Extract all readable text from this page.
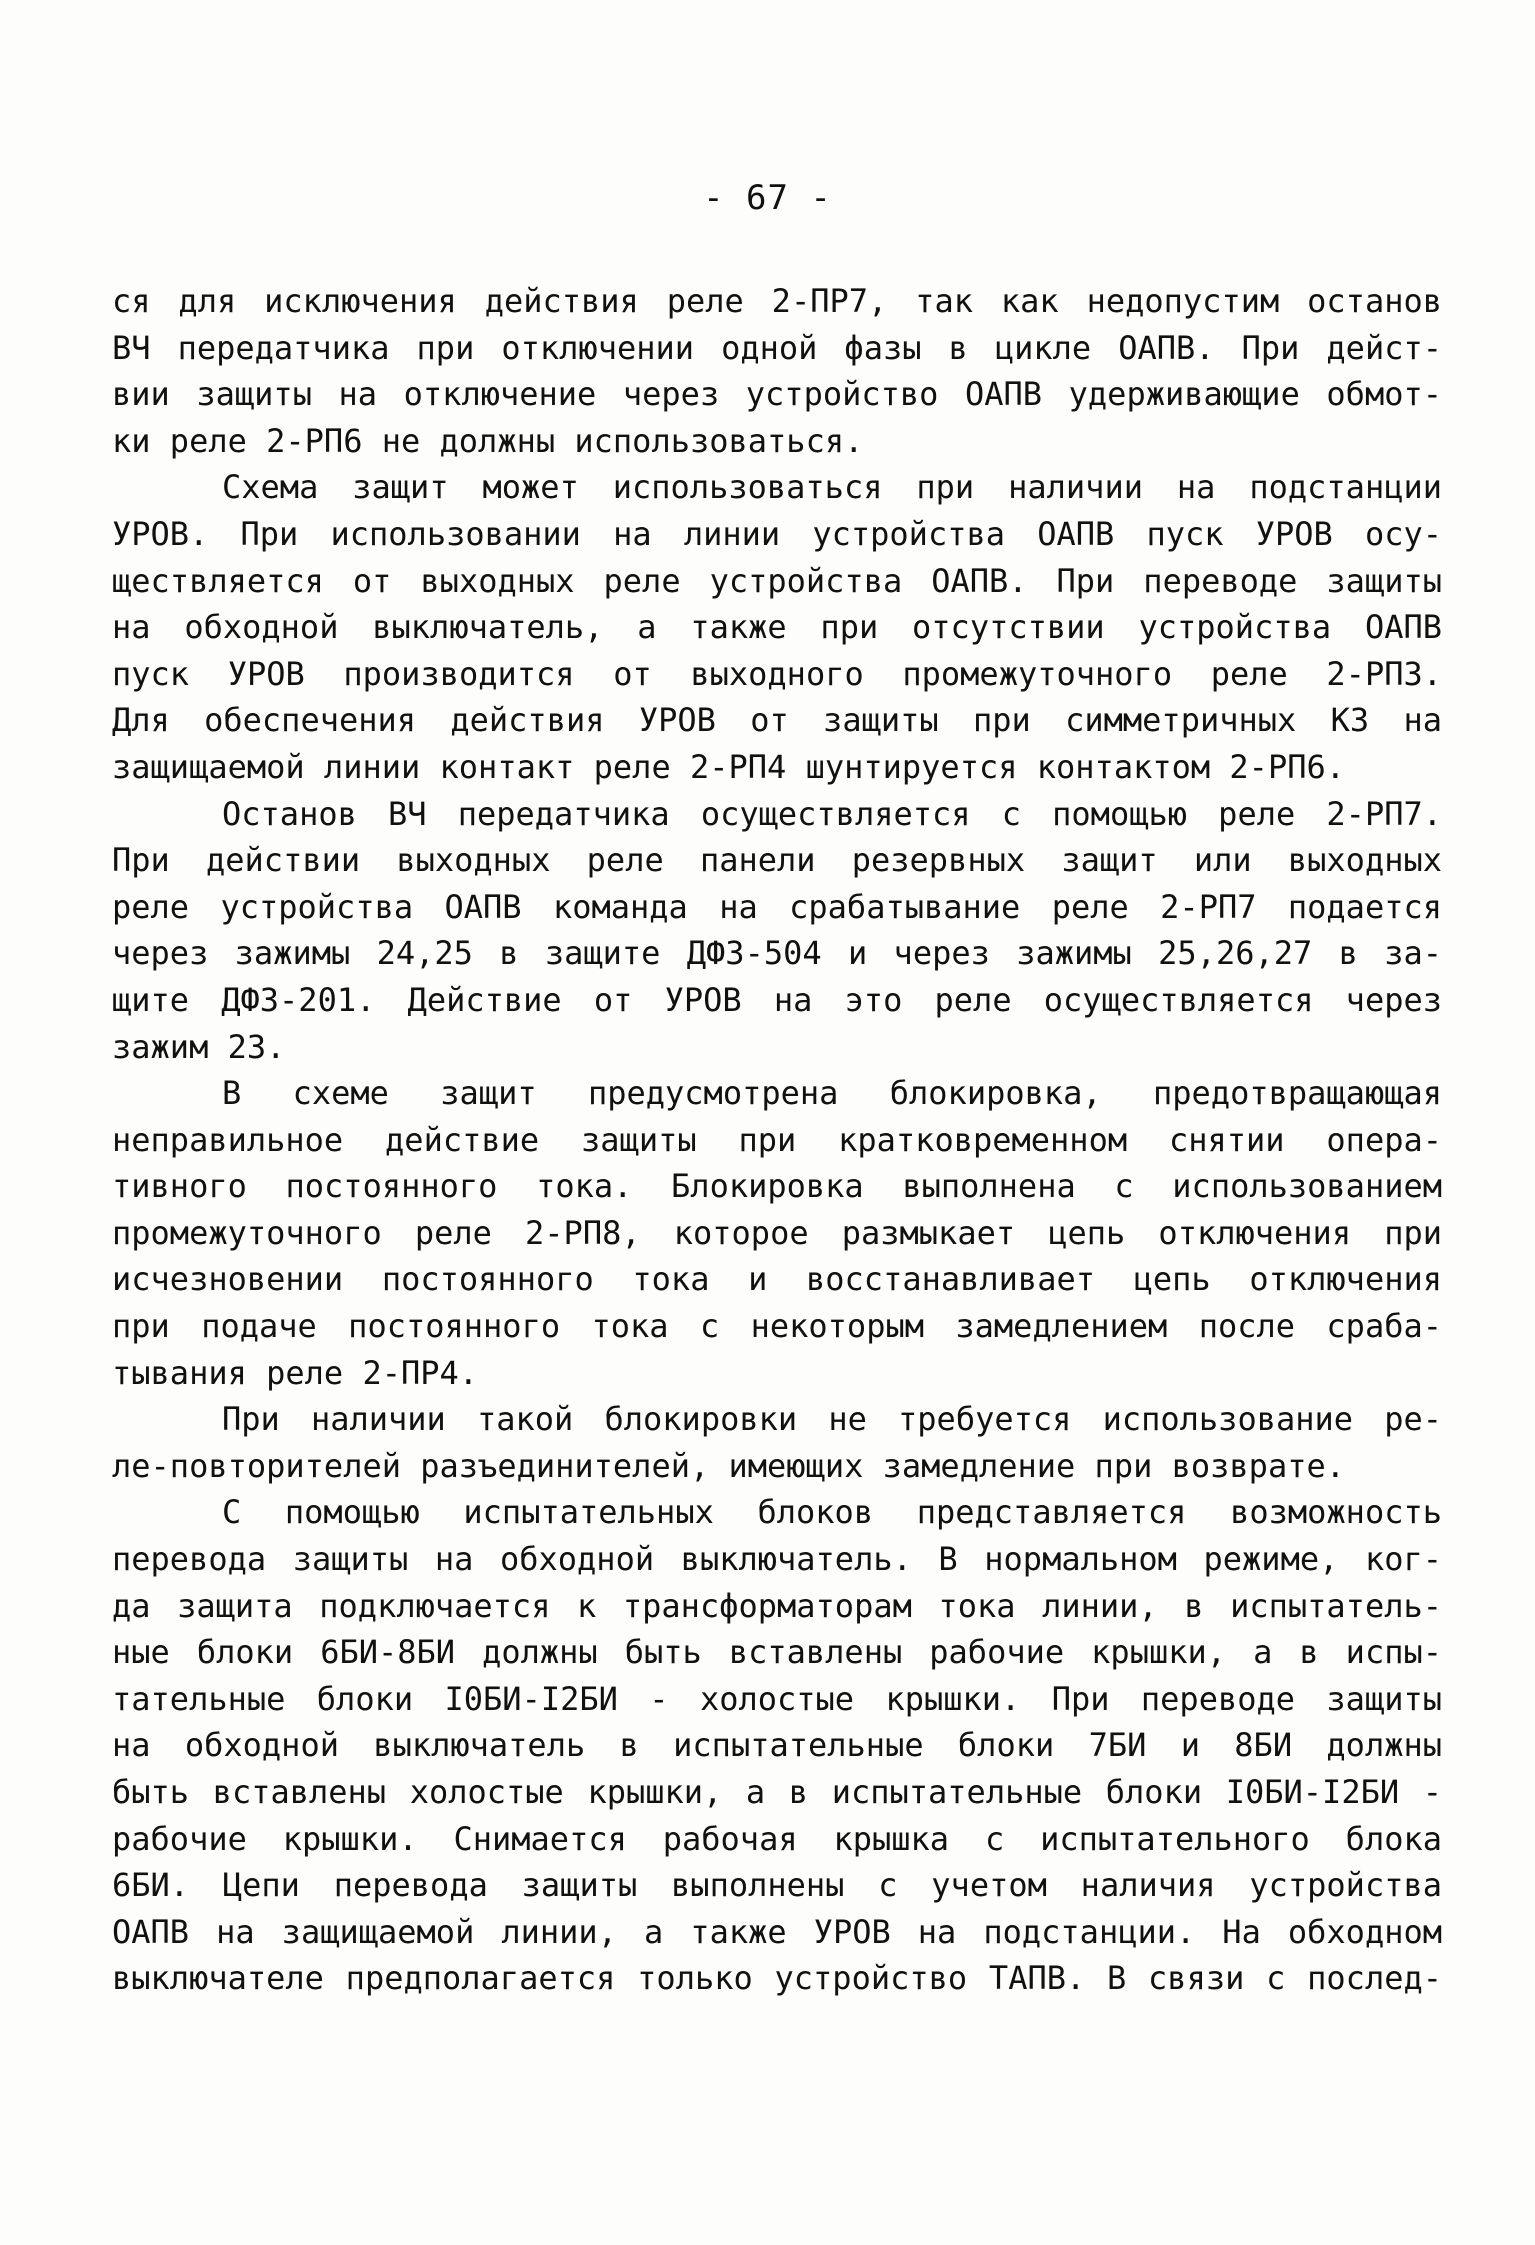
- 67 -
ся для исключения действия реле 2-ПР7, так как недопустим останов
ВЧ передатчика при отключении одной фазы в цикле ОАПВ. При дейст-
вии защиты на отключение через устройство ОАПВ удерживающие обмот-
ки реле 2-РП6 не должны использоваться.
Схема защит может использоваться при наличии на подстанции
УРОВ. При использовании на линии устройства ОАПВ пуск УРОВ осу-
ществляется от выходных реле устройства ОАПВ. При переводе защиты
на обходной выключатель, а также при отсутствии устройства ОАПВ
пуск УРОВ производится от выходного промежуточного реле 2-РП3.
Для обеспечения действия УРОВ от защиты при симметричных КЗ на
защищаемой линии контакт реле 2-РП4 шунтируется контактом 2-РП6.
Останов ВЧ передатчика осуществляется с помощью реле 2-РП7.
При действии выходных реле панели резервных защит или выходных
реле устройства ОАПВ команда на срабатывание реле 2-РП7 подается
через зажимы 24,25 в защите ДФЗ-504 и через зажимы 25,26,27 в за-
щите ДФЗ-201. Действие от УРОВ на это реле осуществляется через
зажим 23.
В схеме защит предусмотрена блокировка, предотвращающая
неправильное действие защиты при кратковременном снятии опера-
тивного постоянного тока. Блокировка выполнена с использованием
промежуточного реле 2-РП8, которое размыкает цепь отключения при
исчезновении постоянного тока и восстанавливает цепь отключения
при подаче постоянного тока с некоторым замедлением после сраба-
тывания реле 2-ПР4.
При наличии такой блокировки не требуется использование ре-
ле-повторителей разъединителей, имеющих замедление при возврате.
С помощью испытательных блоков представляется возможность
перевода защиты на обходной выключатель. В нормальном режиме, ког-
да защита подключается к трансформаторам тока линии, в испытатель-
ные блоки 6БИ-8БИ должны быть вставлены рабочие крышки, а в испы-
тательные блоки I0БИ-I2БИ - холостые крышки. При переводе защиты
на обходной выключатель в испытательные блоки 7БИ и 8БИ должны
быть вставлены холостые крышки, а в испытательные блоки I0БИ-I2БИ -
рабочие крышки. Снимается рабочая крышка с испытательного блока
6БИ. Цепи перевода защиты выполнены с учетом наличия устройства
ОАПВ на защищаемой линии, а также УРОВ на подстанции. На обходном
выключателе предполагается только устройство ТАПВ. В связи с послед-
